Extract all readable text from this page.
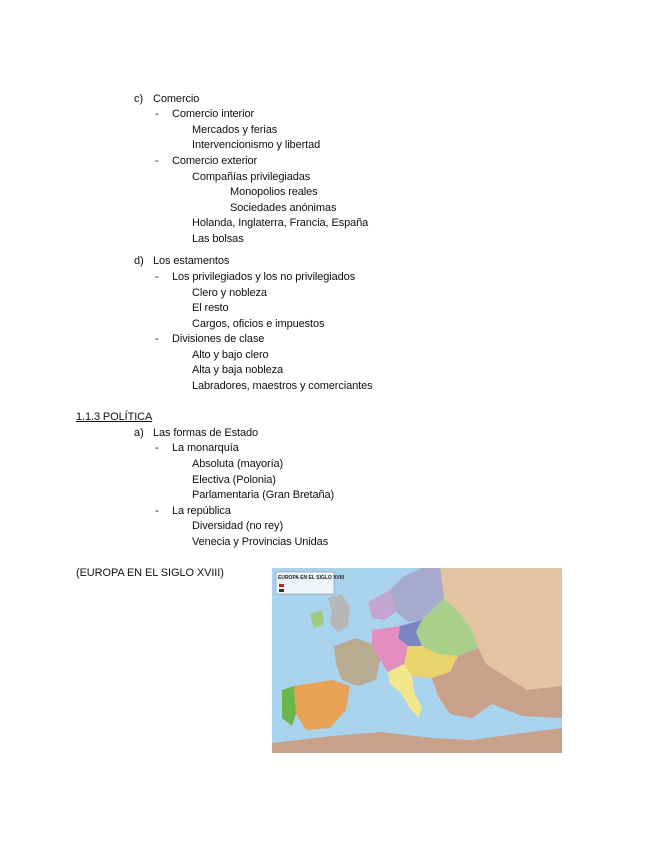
c) Comercio
- Comercio interior
Mercados y ferias
Intervencionismo y libertad
- Comercio exterior
Compañías privilegiadas
Monopolios reales
Sociedades anónimas
Holanda, Inglaterra, Francia, España
Las bolsas
d) Los estamentos
- Los privilegiados y los no privilegiados
Clero y nobleza
El resto
Cargos, oficios e impuestos
- Divisiones de clase
Alto y bajo clero
Alta y baja nobleza
Labradores, maestros y comerciantes
1.1.3 POLÍTICA
a) Las formas de Estado
- La monarquía
Absoluta (mayoría)
Electiva (Polonia)
Parlamentaria (Gran Bretaña)
- La república
Diversidad (no rey)
Venecia y Provincias Unidas
(EUROPA EN EL SIGLO XVIII)	EUROPA EN EL SIGLO XVIII
